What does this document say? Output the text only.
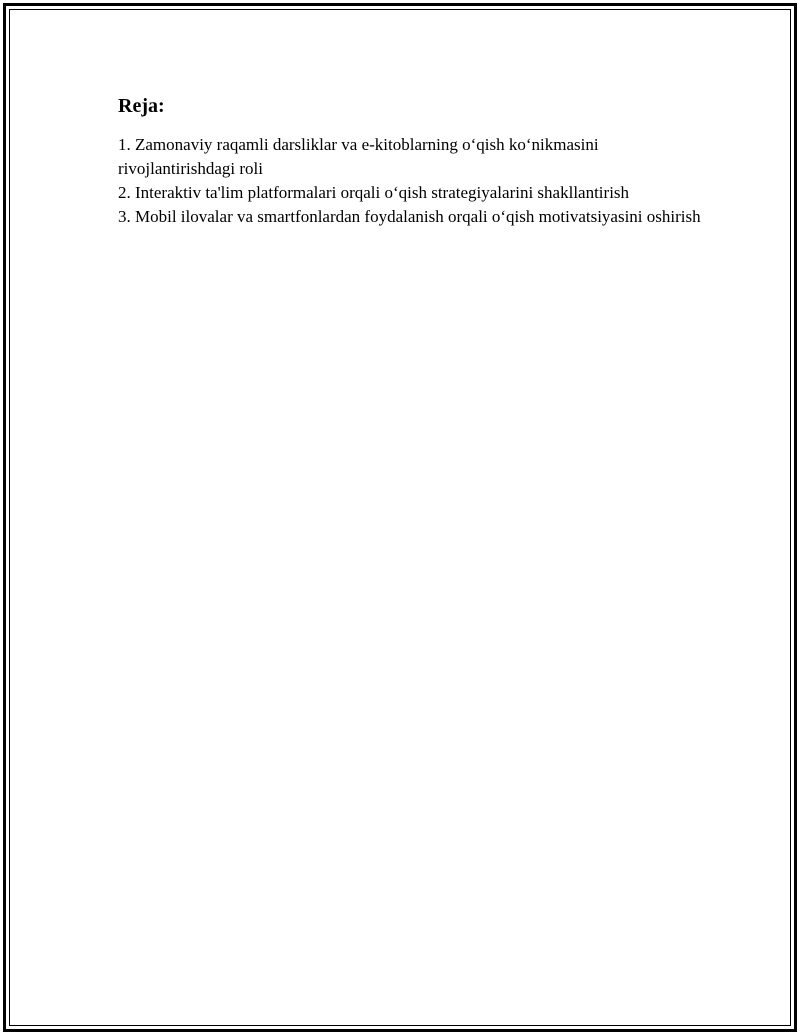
Reja:
1. Zamonaviy raqamli darsliklar va e-kitoblarning o‘qish ko‘nikmasini rivojlantirishdagi roli
2. Interaktiv ta'lim platformalari orqali o‘qish strategiyalarini shakllantirish
3. Mobil ilovalar va smartfonlardan foydalanish orqali o‘qish motivatsiyasini oshirish
